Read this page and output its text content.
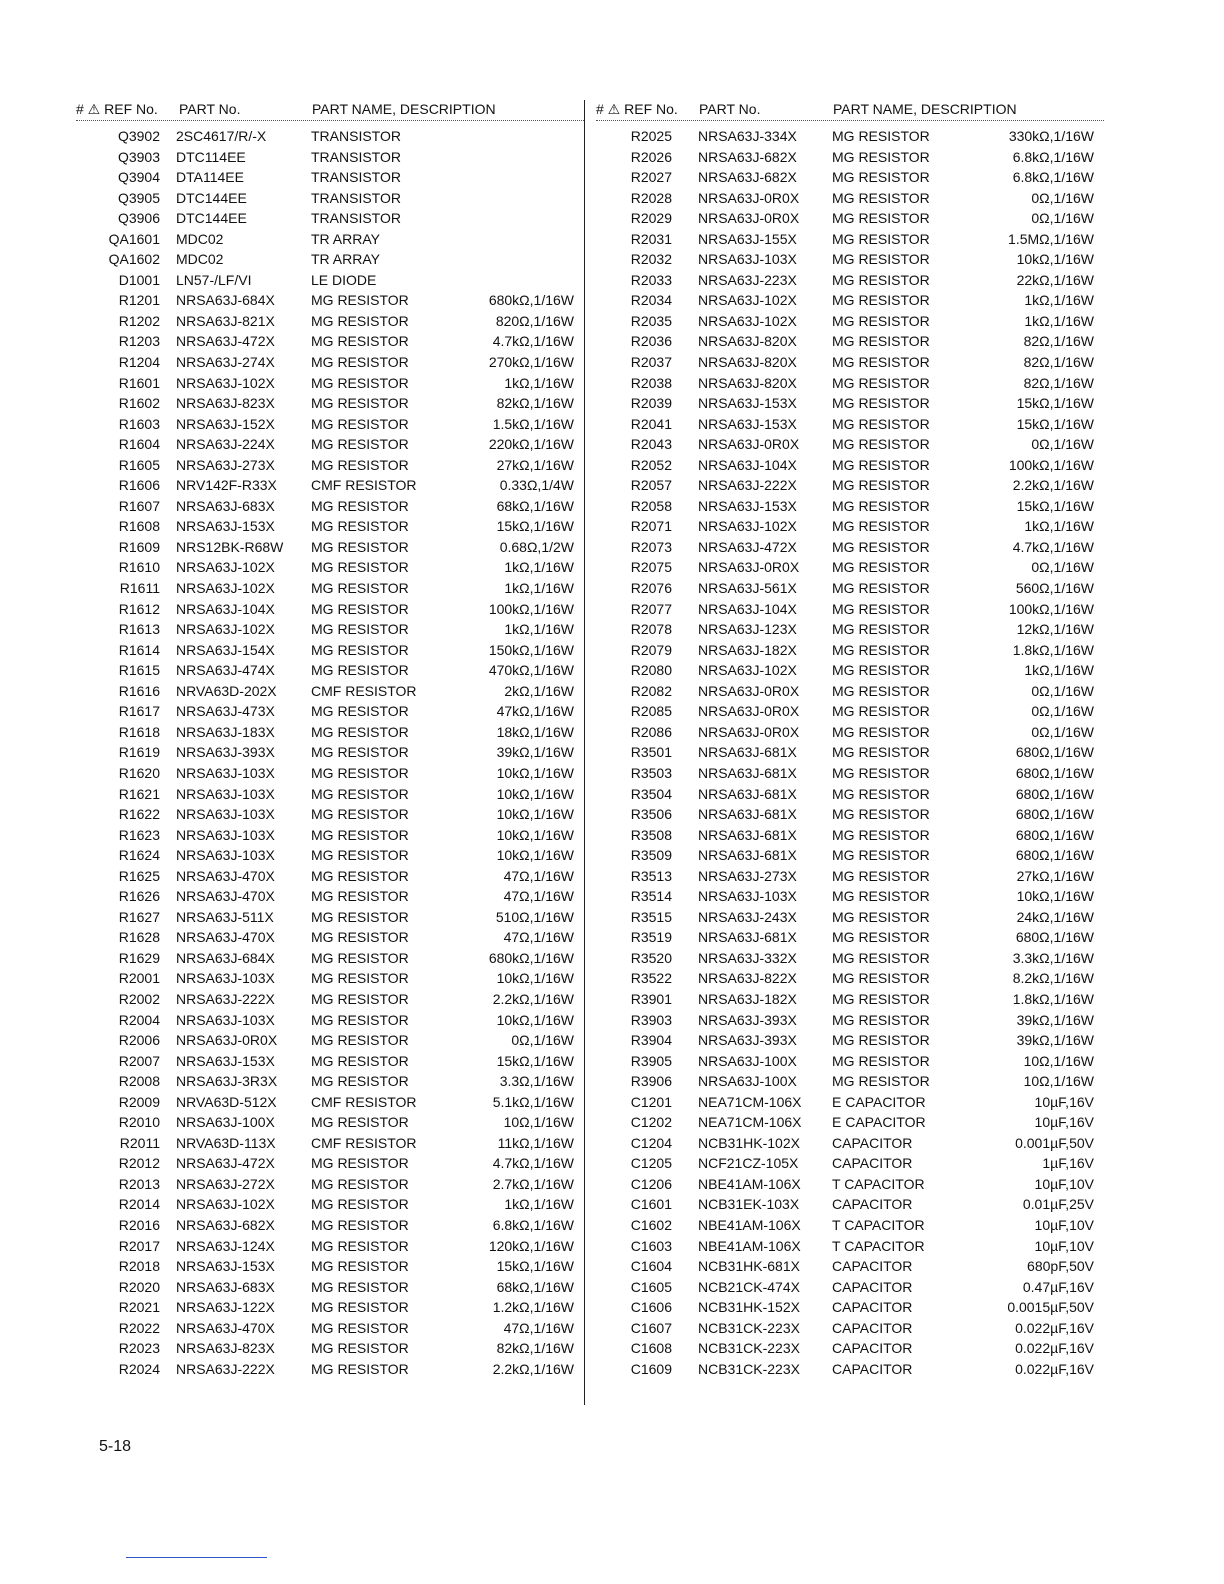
# ⚠ REF No. PART No.	PART NAME, DESCRIPTION
Q3902 2SC4617/R/-X	TRANSISTOR
Q3903 DTC114EE	TRANSISTOR
Q3904 DTA114EE	TRANSISTOR
Q3905 DTC144EE	TRANSISTOR
Q3906 DTC144EE	TRANSISTOR
QA1601 MDC02	TR ARRAY
QA1602 MDC02	TR ARRAY
D1001 LN57-/LF/VI	LE DIODE
R1201 NRSA63J-684X	MG RESISTOR	680kΩ,1/16W
R1202 NRSA63J-821X	MG RESISTOR	820Ω,1/16W
R1203 NRSA63J-472X	MG RESISTOR	4.7kΩ,1/16W
R1204 NRSA63J-274X	MG RESISTOR	270kΩ,1/16W
R1601 NRSA63J-102X	MG RESISTOR	1kΩ,1/16W
R1602 NRSA63J-823X	MG RESISTOR	82kΩ,1/16W
R1603 NRSA63J-152X	MG RESISTOR	1.5kΩ,1/16W
R1604 NRSA63J-224X	MG RESISTOR	220kΩ,1/16W
R1605 NRSA63J-273X	MG RESISTOR	27kΩ,1/16W
R1606 NRV142F-R33X CMF RESISTOR	0.33Ω,1/4W
R1607 NRSA63J-683X	MG RESISTOR	68kΩ,1/16W
R1608 NRSA63J-153X	MG RESISTOR	15kΩ,1/16W
R1609 NRS12BK-R68W MG RESISTOR	0.68Ω,1/2W
R1610 NRSA63J-102X	MG RESISTOR	1kΩ,1/16W
R1611 NRSA63J-102X	MG RESISTOR	1kΩ,1/16W
R1612 NRSA63J-104X	MG RESISTOR	100kΩ,1/16W
R1613 NRSA63J-102X	MG RESISTOR	1kΩ,1/16W
R1614 NRSA63J-154X	MG RESISTOR	150kΩ,1/16W
R1615 NRSA63J-474X	MG RESISTOR	470kΩ,1/16W
R1616 NRVA63D-202X CMF RESISTOR	2kΩ,1/16W
R1617 NRSA63J-473X	MG RESISTOR	47kΩ,1/16W
R1618 NRSA63J-183X	MG RESISTOR	18kΩ,1/16W
R1619 NRSA63J-393X	MG RESISTOR	39kΩ,1/16W
R1620 NRSA63J-103X	MG RESISTOR	10kΩ,1/16W
R1621 NRSA63J-103X	MG RESISTOR	10kΩ,1/16W
R1622 NRSA63J-103X	MG RESISTOR	10kΩ,1/16W
R1623 NRSA63J-103X	MG RESISTOR	10kΩ,1/16W
R1624 NRSA63J-103X	MG RESISTOR	10kΩ,1/16W
R1625 NRSA63J-470X	MG RESISTOR	47Ω,1/16W
R1626 NRSA63J-470X	MG RESISTOR	47Ω,1/16W
R1627 NRSA63J-511X	MG RESISTOR	510Ω,1/16W
R1628 NRSA63J-470X	MG RESISTOR	47Ω,1/16W
R1629 NRSA63J-684X	MG RESISTOR	680kΩ,1/16W
R2001 NRSA63J-103X	MG RESISTOR	10kΩ,1/16W
R2002 NRSA63J-222X	MG RESISTOR	2.2kΩ,1/16W
R2004 NRSA63J-103X	MG RESISTOR	10kΩ,1/16W
R2006 NRSA63J-0R0X MG RESISTOR	0Ω,1/16W
R2007 NRSA63J-153X	MG RESISTOR	15kΩ,1/16W
R2008 NRSA63J-3R3X MG RESISTOR	3.3Ω,1/16W
R2009 NRVA63D-512X CMF RESISTOR	5.1kΩ,1/16W
R2010 NRSA63J-100X	MG RESISTOR	10Ω,1/16W
R2011 NRVA63D-113X	CMF RESISTOR	11kΩ,1/16W
R2012 NRSA63J-472X	MG RESISTOR	4.7kΩ,1/16W
R2013 NRSA63J-272X	MG RESISTOR	2.7kΩ,1/16W
R2014 NRSA63J-102X	MG RESISTOR	1kΩ,1/16W
R2016 NRSA63J-682X	MG RESISTOR	6.8kΩ,1/16W
R2017 NRSA63J-124X	MG RESISTOR	120kΩ,1/16W
R2018 NRSA63J-153X	MG RESISTOR	15kΩ,1/16W
R2020 NRSA63J-683X	MG RESISTOR	68kΩ,1/16W
R2021 NRSA63J-122X	MG RESISTOR	1.2kΩ,1/16W
R2022 NRSA63J-470X	MG RESISTOR	47Ω,1/16W
R2023 NRSA63J-823X	MG RESISTOR	82kΩ,1/16W
R2024 NRSA63J-222X	MG RESISTOR	2.2kΩ,1/16W
# ⚠ REF No. PART No.	PART NAME, DESCRIPTION
R2025 NRSA63J-334X	MG RESISTOR	330kΩ,1/16W
R2026 NRSA63J-682X	MG RESISTOR	6.8kΩ,1/16W
R2027 NRSA63J-682X	MG RESISTOR	6.8kΩ,1/16W
R2028 NRSA63J-0R0X MG RESISTOR	0Ω,1/16W
R2029 NRSA63J-0R0X MG RESISTOR	0Ω,1/16W
R2031 NRSA63J-155X	MG RESISTOR	1.5MΩ,1/16W
R2032 NRSA63J-103X	MG RESISTOR	10kΩ,1/16W
R2033 NRSA63J-223X	MG RESISTOR	22kΩ,1/16W
R2034 NRSA63J-102X	MG RESISTOR	1kΩ,1/16W
R2035 NRSA63J-102X	MG RESISTOR	1kΩ,1/16W
R2036 NRSA63J-820X	MG RESISTOR	82Ω,1/16W
R2037 NRSA63J-820X	MG RESISTOR	82Ω,1/16W
R2038 NRSA63J-820X	MG RESISTOR	82Ω,1/16W
R2039 NRSA63J-153X	MG RESISTOR	15kΩ,1/16W
R2041 NRSA63J-153X	MG RESISTOR	15kΩ,1/16W
R2043 NRSA63J-0R0X MG RESISTOR	0Ω,1/16W
R2052 NRSA63J-104X	MG RESISTOR	100kΩ,1/16W
R2057 NRSA63J-222X	MG RESISTOR	2.2kΩ,1/16W
R2058 NRSA63J-153X	MG RESISTOR	15kΩ,1/16W
R2071 NRSA63J-102X	MG RESISTOR	1kΩ,1/16W
R2073 NRSA63J-472X	MG RESISTOR	4.7kΩ,1/16W
R2075 NRSA63J-0R0X MG RESISTOR	0Ω,1/16W
R2076 NRSA63J-561X	MG RESISTOR	560Ω,1/16W
R2077 NRSA63J-104X	MG RESISTOR	100kΩ,1/16W
R2078 NRSA63J-123X	MG RESISTOR	12kΩ,1/16W
R2079 NRSA63J-182X	MG RESISTOR	1.8kΩ,1/16W
R2080 NRSA63J-102X	MG RESISTOR	1kΩ,1/16W
R2082 NRSA63J-0R0X MG RESISTOR	0Ω,1/16W
R2085 NRSA63J-0R0X MG RESISTOR	0Ω,1/16W
R2086 NRSA63J-0R0X MG RESISTOR	0Ω,1/16W
R3501 NRSA63J-681X	MG RESISTOR	680Ω,1/16W
R3503 NRSA63J-681X	MG RESISTOR	680Ω,1/16W
R3504 NRSA63J-681X	MG RESISTOR	680Ω,1/16W
R3506 NRSA63J-681X	MG RESISTOR	680Ω,1/16W
R3508 NRSA63J-681X	MG RESISTOR	680Ω,1/16W
R3509 NRSA63J-681X	MG RESISTOR	680Ω,1/16W
R3513 NRSA63J-273X	MG RESISTOR	27kΩ,1/16W
R3514 NRSA63J-103X	MG RESISTOR	10kΩ,1/16W
R3515 NRSA63J-243X	MG RESISTOR	24kΩ,1/16W
R3519 NRSA63J-681X	MG RESISTOR	680Ω,1/16W
R3520 NRSA63J-332X	MG RESISTOR	3.3kΩ,1/16W
R3522 NRSA63J-822X	MG RESISTOR	8.2kΩ,1/16W
R3901 NRSA63J-182X	MG RESISTOR	1.8kΩ,1/16W
R3903 NRSA63J-393X	MG RESISTOR	39kΩ,1/16W
R3904 NRSA63J-393X	MG RESISTOR	39kΩ,1/16W
R3905 NRSA63J-100X	MG RESISTOR	10Ω,1/16W
R3906 NRSA63J-100X	MG RESISTOR	10Ω,1/16W
C1201 NEA71CM-106X E CAPACITOR	10µF,16V
C1202 NEA71CM-106X E CAPACITOR	10µF,16V
C1204 NCB31HK-102X CAPACITOR	0.001µF,50V
C1205 NCF21CZ-105X CAPACITOR	1µF,16V
C1206 NBE41AM-106X T CAPACITOR	10µF,10V
C1601 NCB31EK-103X CAPACITOR	0.01µF,25V
C1602 NBE41AM-106X T CAPACITOR	10µF,10V
C1603 NBE41AM-106X T CAPACITOR	10µF,10V
C1604 NCB31HK-681X CAPACITOR	680pF,50V
C1605 NCB21CK-474X CAPACITOR	0.47µF,16V
C1606 NCB31HK-152X CAPACITOR	0.0015µF,50V
C1607 NCB31CK-223X CAPACITOR	0.022µF,16V
C1608 NCB31CK-223X CAPACITOR	0.022µF,16V
C1609 NCB31CK-223X CAPACITOR	0.022µF,16V
5-18
